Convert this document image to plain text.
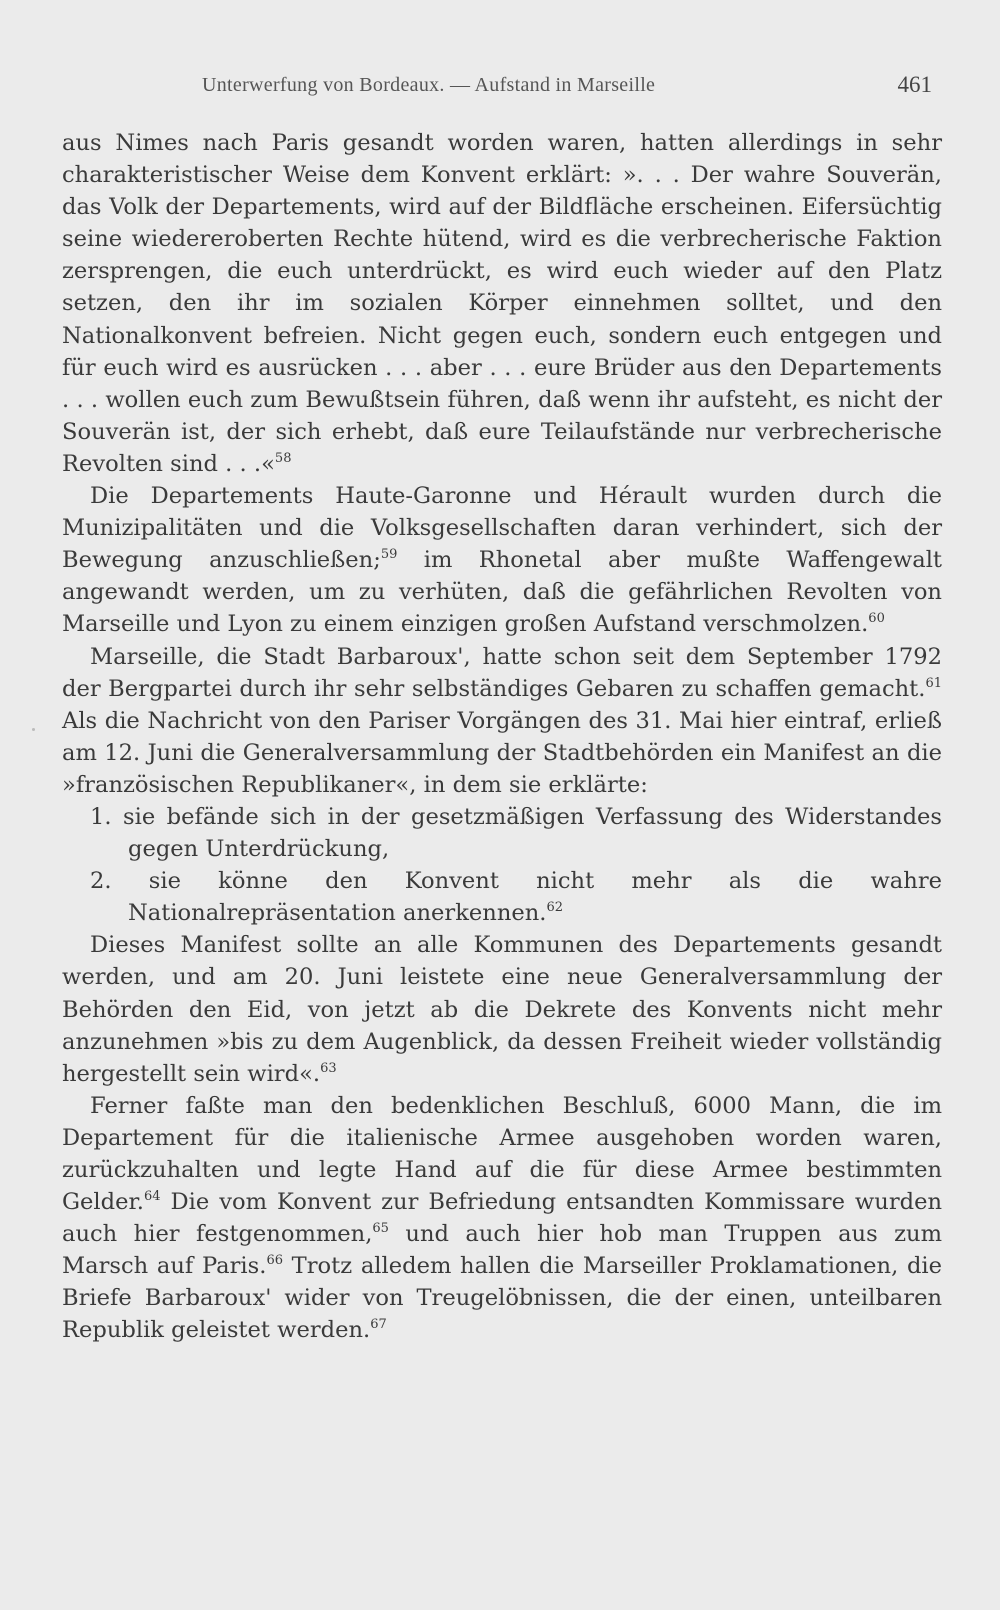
Unterwerfung von Bordeaux. — Aufstand in Marseille	461

aus Nimes nach Paris gesandt worden waren, hatten allerdings in sehr charakteristischer Weise dem Konvent erklärt: ». . . Der wahre Souverän, das Volk der Departements, wird auf der Bildfläche erscheinen. Eifersüchtig seine wiedereroberten Rechte hütend, wird es die verbrecherische Faktion zersprengen, die euch unterdrückt, es wird euch wieder auf den Platz setzen, den ihr im sozialen Körper einnehmen solltet, und den Nationalkonvent befreien. Nicht gegen euch, sondern euch entgegen und für euch wird es ausrücken . . . aber . . . eure Brüder aus den Departements . . . wollen euch zum Bewußtsein führen, daß wenn ihr aufsteht, es nicht der Souverän ist, der sich erhebt, daß eure Teilaufstände nur verbrecherische Revolten sind . . .«$^{58}$

Die Departements Haute-Garonne und Hérault wurden durch die Munizipalitäten und die Volksgesellschaften daran verhindert, sich der Bewegung anzuschließen;$^{59}$ im Rhonetal aber mußte Waffengewalt angewandt werden, um zu verhüten, daß die gefährlichen Revolten von Marseille und Lyon zu einem einzigen großen Aufstand verschmolzen.$^{60}$

Marseille, die Stadt Barbaroux', hatte schon seit dem September 1792 der Bergpartei durch ihr sehr selbständiges Gebaren zu schaffen gemacht.$^{61}$ Als die Nachricht von den Pariser Vorgängen des 31. Mai hier eintraf, erließ am 12. Juni die Generalversammlung der Stadtbehörden ein Manifest an die »französischen Republikaner«, in dem sie erklärte:

1. sie befände sich in der gesetzmäßigen Verfassung des Widerstandes gegen Unterdrückung,

2. sie könne den Konvent nicht mehr als die wahre Nationalrepräsentation anerkennen.$^{62}$

Dieses Manifest sollte an alle Kommunen des Departements gesandt werden, und am 20. Juni leistete eine neue Generalversammlung der Behörden den Eid, von jetzt ab die Dekrete des Konvents nicht mehr anzunehmen »bis zu dem Augenblick, da dessen Freiheit wieder vollständig hergestellt sein wird«.$^{63}$

Ferner faßte man den bedenklichen Beschluß, 6000 Mann, die im Departement für die italienische Armee ausgehoben worden waren, zurückzuhalten und legte Hand auf die für diese Armee bestimmten Gelder.$^{64}$ Die vom Konvent zur Befriedung entsandten Kommissare wurden auch hier festgenommen,$^{65}$ und auch hier hob man Truppen aus zum Marsch auf Paris.$^{66}$ Trotz alledem hallen die Marseiller Proklamationen, die Briefe Barbaroux' wider von Treugelöbnissen, die der einen, unteilbaren Republik geleistet werden.$^{67}$
